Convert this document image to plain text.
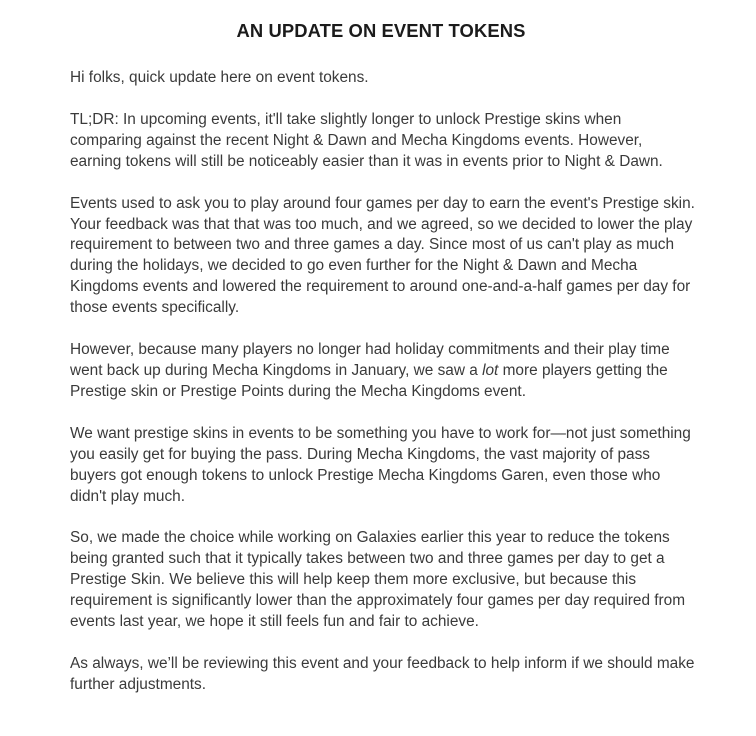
AN UPDATE ON EVENT TOKENS

Hi folks, quick update here on event tokens.

TL;DR: In upcoming events, it'll take slightly longer to unlock Prestige skins when
comparing against the recent Night & Dawn and Mecha Kingdoms events. However,
earning tokens will still be noticeably easier than it was in events prior to Night & Dawn.

Events used to ask you to play around four games per day to earn the event's Prestige skin.
Your feedback was that that was too much, and we agreed, so we decided to lower the play
requirement to between two and three games a day. Since most of us can't play as much
during the holidays, we decided to go even further for the Night & Dawn and Mecha
Kingdoms events and lowered the requirement to around one-and-a-half games per day for
those events specifically.

However, because many players no longer had holiday commitments and their play time
went back up during Mecha Kingdoms in January, we saw a lot more players getting the
Prestige skin or Prestige Points during the Mecha Kingdoms event.

We want prestige skins in events to be something you have to work for—not just something
you easily get for buying the pass. During Mecha Kingdoms, the vast majority of pass
buyers got enough tokens to unlock Prestige Mecha Kingdoms Garen, even those who
didn't play much.

So, we made the choice while working on Galaxies earlier this year to reduce the tokens
being granted such that it typically takes between two and three games per day to get a
Prestige Skin. We believe this will help keep them more exclusive, but because this
requirement is significantly lower than the approximately four games per day required from
events last year, we hope it still feels fun and fair to achieve.

As always, we’ll be reviewing this event and your feedback to help inform if we should make
further adjustments.
